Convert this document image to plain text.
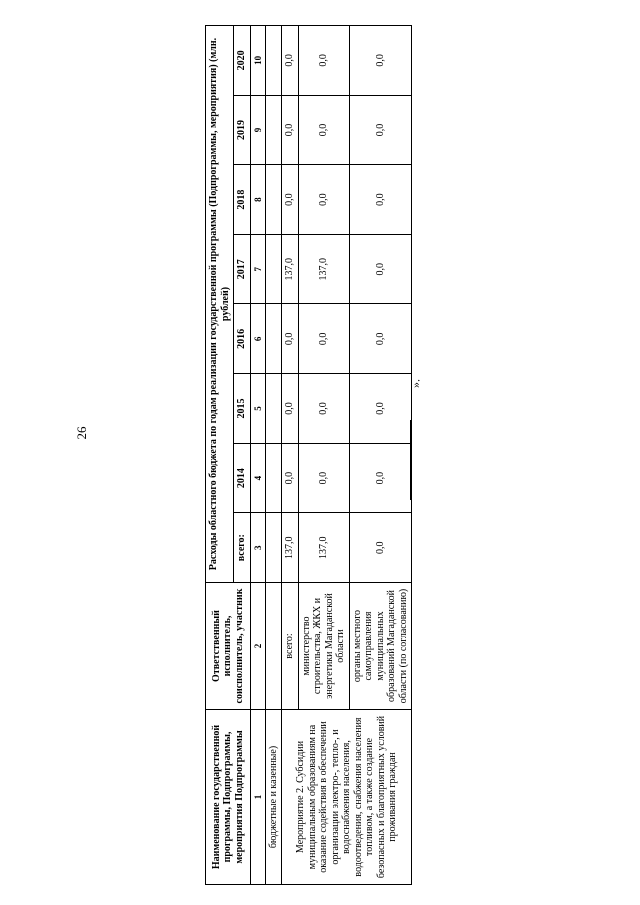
26
Наименование государственной программы, Подпрограммы, мероприятия Подпрограммы	Ответственный исполнитель, соисполнитель, участник	Расходы областного бюджета по годам реализации государственной программы (Подпрограммы, мероприятия) (млн. рублей)							
		всего:	2014	2015	2016	2017	2018	2019	2020
1	2	3	4	5	6	7	8	9	10
бюджетные и казенные)									
Мероприятие 2. Субсидии муниципальным образованиям на оказание содействия в обеспечении организации электро-, тепло-, и водоснабжения населения, водоотведения, снабжения населения топливом, а также создание безопасных и благоприятных условий проживания граждан	всего:	137,0	0,0	0,0	0,0	137,0	0,0	0,0	0,0
	министерство строительства, ЖКХ и энергетики Магаданской области	137,0	0,0	0,0	0,0	137,0	0,0	0,0	0,0
	органы местного самоуправления муниципальных образований Магаданской области (по согласованию)	0,0	0,0	0,0	0,0	0,0	0,0	0,0	0,0
».
